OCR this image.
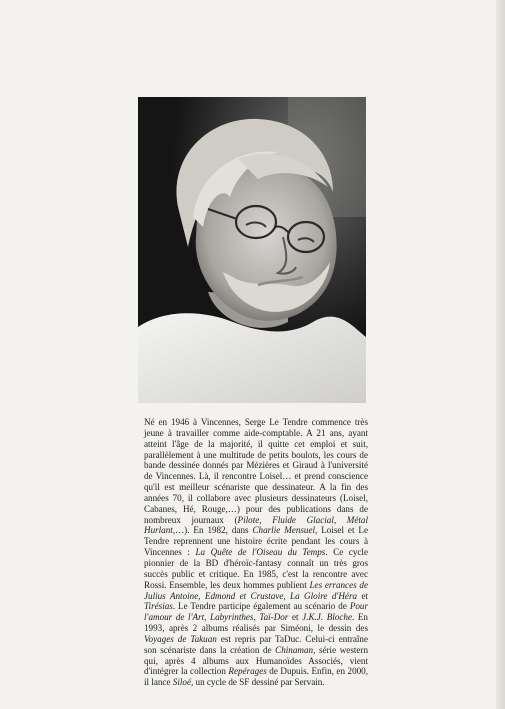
Né en 1946 à Vincennes, Serge Le Tendre commence très jeune à travailler comme aide-comptable. A 21 ans, ayant atteint l'âge de la majorité, il quitte cet emploi et suit, parallèlement à une multitude de petits boulots, les cours de bande dessinée donnés par Mézières et Giraud à l'université de Vincennes. Là, il rencontre Loisel… et prend conscience qu'il est meilleur scénariste que dessinateur. A la fin des années 70, il collabore avec plusieurs dessinateurs (Loisel, Cabanes, Hé, Rouge,…) pour des publications dans de nombreux journaux (Pilote, Fluide Glacial, Métal Hurlant,…). En 1982, dans Charlie Mensuel, Loisel et Le Tendre reprennent une histoire écrite pendant les cours à Vincennes : La Quête de l'Oiseau du Temps. Ce cycle pionnier de la BD d'héroïc-fantasy connaît un très gros succès public et critique. En 1985, c'est la rencontre avec Rossi. Ensemble, les deux hommes publient Les errances de Julius Antoine, Edmond et Crustave, La Gloire d'Héra et Tirésias. Le Tendre participe également au scénario de Pour l'amour de l'Art, Labyrinthes, Taï-Dor et J.K.J. Bloche. En 1993, après 2 albums réalisés par Siméoni, le dessin des Voyages de Takuan est repris par TaDuc. Celui-ci entraîne son scénariste dans la création de Chinaman, série western qui, après 4 albums aux Humanoïdes Associés, vient d'intégrer la collection Repérages de Dupuis. Enfin, en 2000, il lance Siloé, un cycle de SF dessiné par Servain.
